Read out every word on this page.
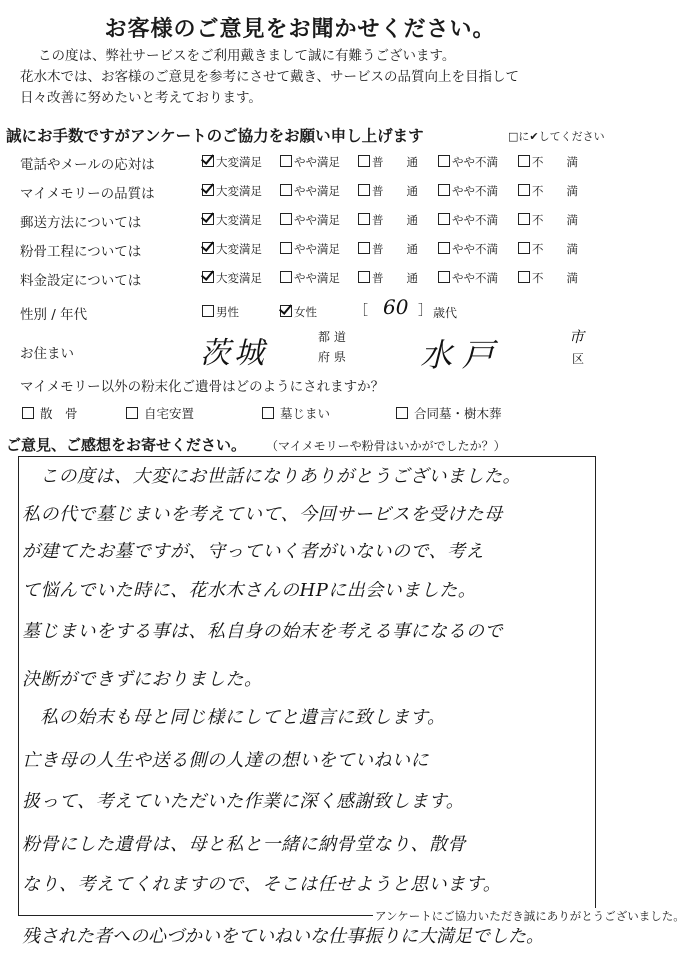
お客様のご意見をお聞かせください。
この度は、弊社サービスをご利用戴きまして誠に有難うございます。
花水木では、お客様のご意見を参考にさせて戴き、サービスの品質向上を目指して
日々改善に努めたいと考えております。
誠にお手数ですがアンケートのご協力をお願い申し上げます	□に✔してください
電話やメールの応対は	大変満足	やや満足	普　　通	やや不満	不　　満
マイメモリーの品質は	大変満足	やや満足	普　　通	やや不満	不　　満
郵送方法については	大変満足	やや満足	普　　通	やや不満	不　　満
粉骨工程については	大変満足	やや満足	普　　通	やや不満	不　　満
料金設定については	大変満足	やや満足	普　　通	やや不満	不　　満
性別 / 年代	男性	女性	［ 60 ］ 歳代
お住まい	茨城	都 道
府 県 水戸	市
区
マイメモリー以外の粉末化ご遺骨はどのようにされますか？
散　骨	自宅安置	墓じまい	合同墓・樹木葬
ご意見、ご感想をお寄せください。 （マイメモリーや粉骨はいかがでしたか？）
この度は、大変にお世話になりありがとうございました。
私の代で墓じまいを考えていて、今回サービスを受けた母
が建てたお墓ですが、守っていく者がいないので、考え
て悩んでいた時に、花水木さんのHPに出会いました。
墓じまいをする事は、私自身の始末を考える事になるので
決断ができずにおりました。
私の始末も母と同じ様にしてと遺言に致します。
亡き母の人生や送る側の人達の想いをていねいに
扱って、考えていただいた作業に深く感謝致します。
粉骨にした遺骨は、母と私と一緒に納骨堂なり、散骨
なり、考えてくれますので、そこは任せようと思います。
残された者への心づかいをていねいな仕事振りに大満足でした。
アンケートにご協力いただき誠にありがとうございました。
